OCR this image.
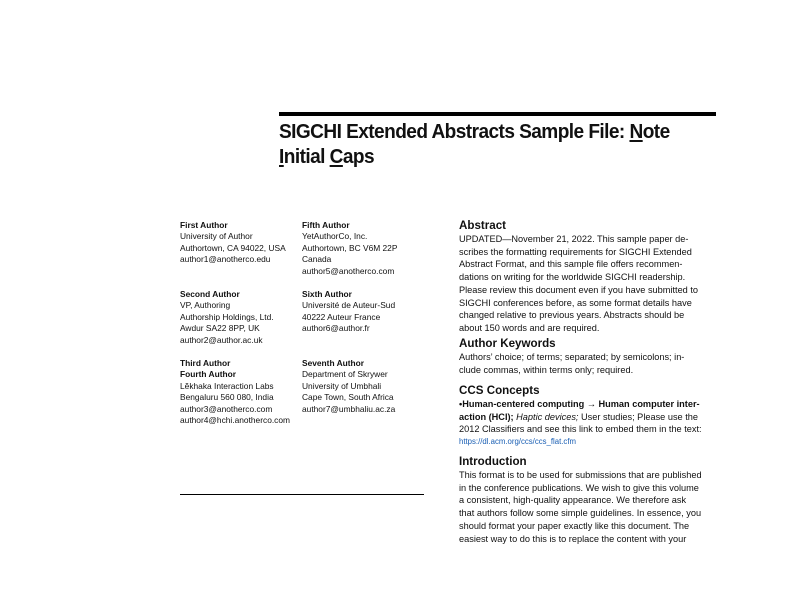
SIGCHI Extended Abstracts Sample File: Note
Initial Caps
First Author
University of Author
Authortown, CA 94022, USA
author1@anotherco.edu
Fifth Author
YetAuthorCo, Inc.
Authortown, BC V6M 22P
Canada
author5@anotherco.com
Second Author
VP, Authoring
Authorship Holdings, Ltd.
Awdur SA22 8PP, UK
author2@author.ac.uk
Sixth Author
Université de Auteur-Sud
40222 Auteur France
author6@author.fr
Third Author
Fourth Author
Lĕkhaka Interaction Labs
Bengaluru 560 080, India
author3@anotherco.com
author4@hchi.anotherco.com
Seventh Author
Department of Skrywer
University of Umbhali
Cape Town, South Africa
author7@umbhaliu.ac.za
Abstract

UPDATED—November 21, 2022. This sample paper de-
scribes the formatting requirements for SIGCHI Extended
Abstract Format, and this sample file offers recommen-
dations on writing for the worldwide SIGCHI readership.
Please review this document even if you have submitted to
SIGCHI conferences before, as some format details have
changed relative to previous years. Abstracts should be
about 150 words and are required.

Author Keywords

Authors’ choice; of terms; separated; by semicolons; in-
clude commas, within terms only; required.

CCS Concepts

•Human-centered computing → Human computer inter-
action (HCI); Haptic devices; User studies; Please use the
2012 Classifiers and see this link to embed them in the text:
https://dl.acm.org/ccs/ccs_flat.cfm

Introduction

This format is to be used for submissions that are published
in the conference publications. We wish to give this volume
a consistent, high-quality appearance. We therefore ask
that authors follow some simple guidelines. In essence, you
should format your paper exactly like this document. The
easiest way to do this is to replace the content with your
